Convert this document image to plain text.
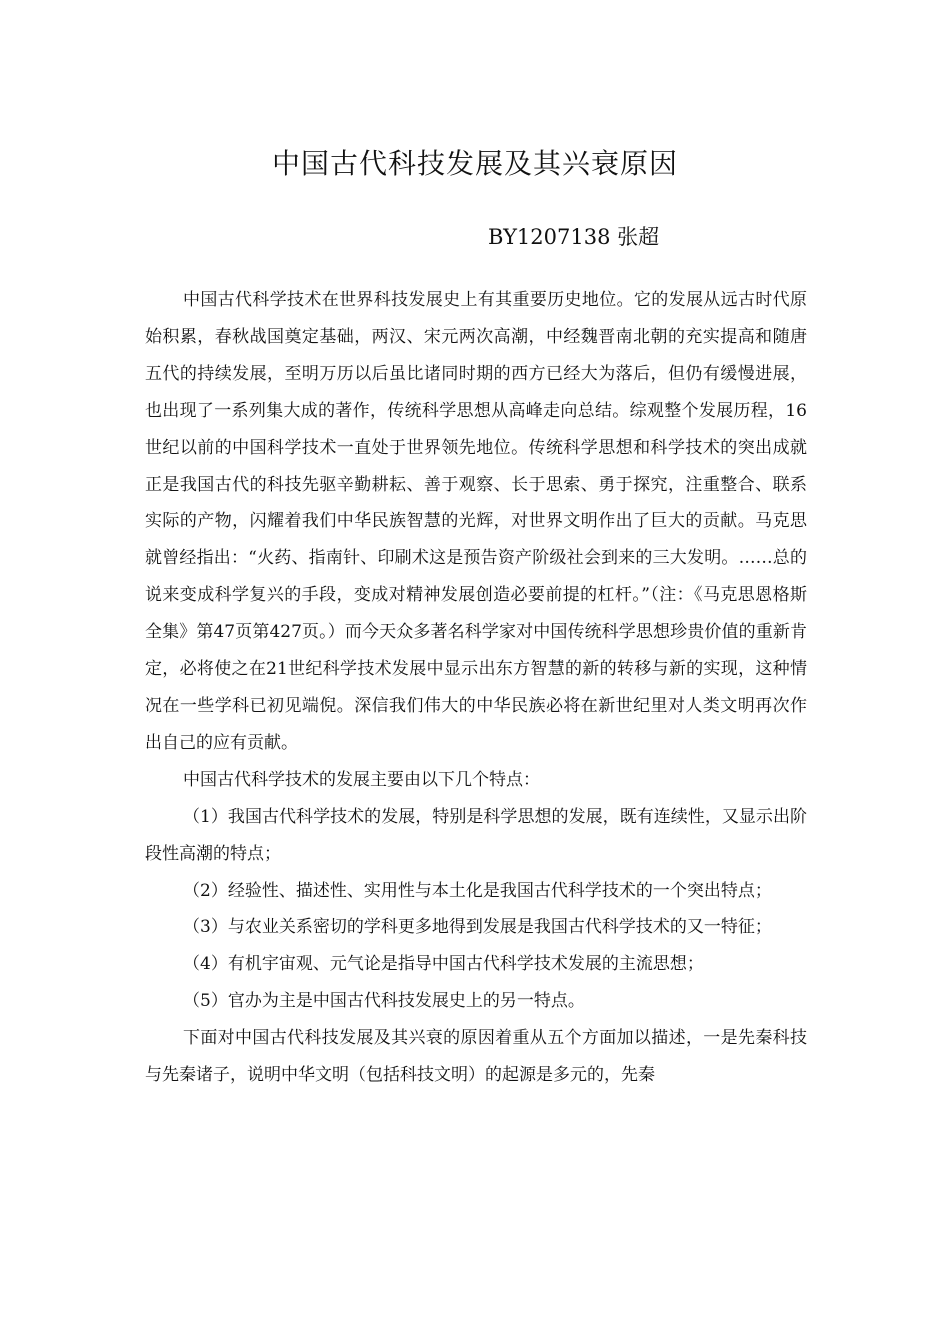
中国古代科技发展及其兴衰原因
BY1207138 张超

中国古代科学技术在世界科技发展史上有其重要历史地位。它的发展从远古时代原始积累，春秋战国奠定基础，两汉、宋元两次高潮，中经魏晋南北朝的充实提高和随唐五代的持续发展，至明万历以后虽比诸同时期的西方已经大为落后，但仍有缓慢进展，也出现了一系列集大成的著作，传统科学思想从高峰走向总结。综观整个发展历程，16世纪以前的中国科学技术一直处于世界领先地位。传统科学思想和科学技术的突出成就正是我国古代的科技先驱辛勤耕耘、善于观察、长于思索、勇于探究，注重整合、联系实际的产物，闪耀着我们中华民族智慧的光辉，对世界文明作出了巨大的贡献。马克思就曾经指出：“火药、指南针、印刷术这是预告资产阶级社会到来的三大发明。……总的说来变成科学复兴的手段，变成对精神发展创造必要前提的杠杆。”（注：《马克思恩格斯全集》第47页第427页。）而今天众多著名科学家对中国传统科学思想珍贵价值的重新肯定，必将使之在21世纪科学技术发展中显示出东方智慧的新的转移与新的实现，这种情况在一些学科已初见端倪。深信我们伟大的中华民族必将在新世纪里对人类文明再次作出自己的应有贡献。

中国古代科学技术的发展主要由以下几个特点：

（1）我国古代科学技术的发展，特别是科学思想的发展，既有连续性，又显示出阶段性高潮的特点；

（2）经验性、描述性、实用性与本土化是我国古代科学技术的一个突出特点；

（3）与农业关系密切的学科更多地得到发展是我国古代科学技术的又一特征；

（4）有机宇宙观、元气论是指导中国古代科学技术发展的主流思想；

（5）官办为主是中国古代科技发展史上的另一特点。

下面对中国古代科技发展及其兴衰的原因着重从五个方面加以描述，一是先秦科技与先秦诸子，说明中华文明（包括科技文明）的起源是多元的，先秦
